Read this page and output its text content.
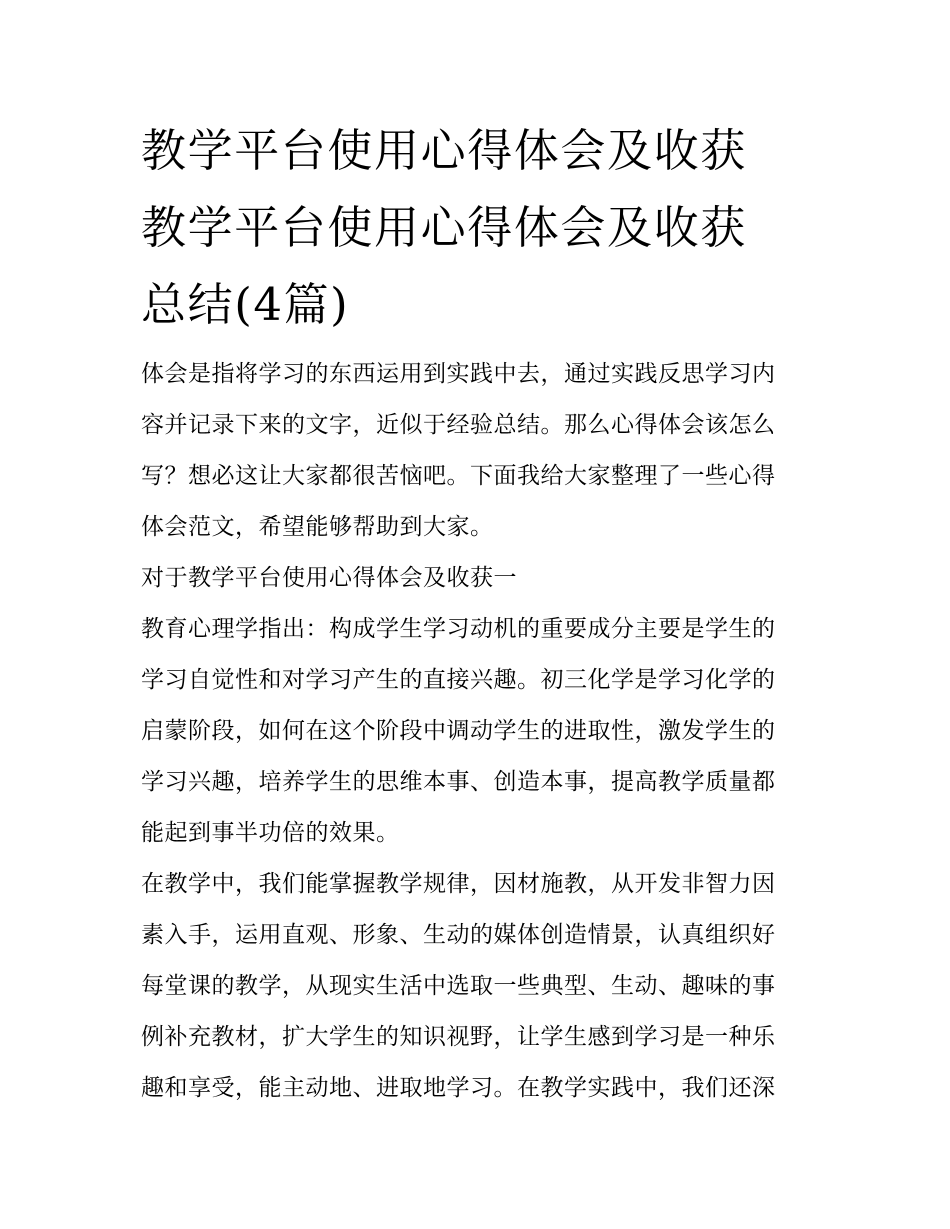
教学平台使用心得体会及收获
教学平台使用心得体会及收获
总结(4篇)
体会是指将学习的东西运用到实践中去，通过实践反思学习内
容并记录下来的文字，近似于经验总结。那么心得体会该怎么
写？想必这让大家都很苦恼吧。下面我给大家整理了一些心得
体会范文，希望能够帮助到大家。
对于教学平台使用心得体会及收获一
教育心理学指出：构成学生学习动机的重要成分主要是学生的
学习自觉性和对学习产生的直接兴趣。初三化学是学习化学的
启蒙阶段，如何在这个阶段中调动学生的进取性，激发学生的
学习兴趣，培养学生的思维本事、创造本事，提高教学质量都
能起到事半功倍的效果。
在教学中，我们能掌握教学规律，因材施教，从开发非智力因
素入手，运用直观、形象、生动的媒体创造情景，认真组织好
每堂课的教学，从现实生活中选取一些典型、生动、趣味的事
例补充教材，扩大学生的知识视野，让学生感到学习是一种乐
趣和享受，能主动地、进取地学习。在教学实践中，我们还深
